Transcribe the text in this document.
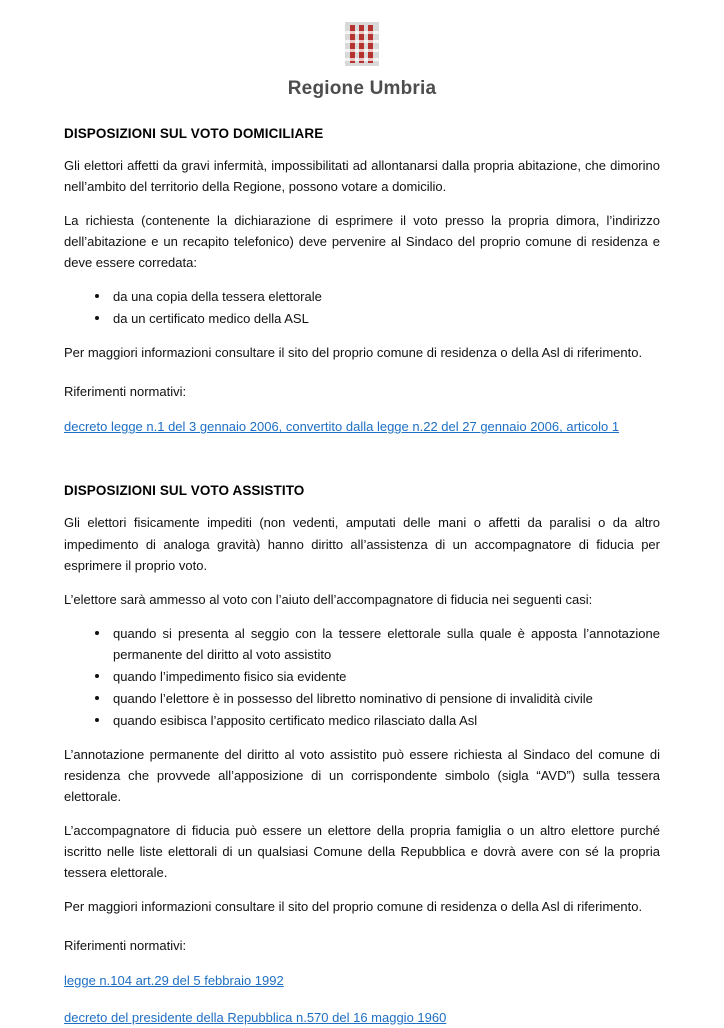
Regione Umbria
DISPOSIZIONI SUL VOTO DOMICILIARE

Gli elettori affetti da gravi infermità, impossibilitati ad allontanarsi dalla propria abitazione, che dimorino nell’ambito del territorio della Regione, possono votare a domicilio.

La richiesta (contenente la dichiarazione di esprimere il voto presso la propria dimora, l’indirizzo dell’abitazione e un recapito telefonico) deve pervenire al Sindaco del proprio comune di residenza e deve essere corredata:

da una copia della tessera elettorale
da un certificato medico della ASL

Per maggiori informazioni consultare il sito del proprio comune di residenza o della Asl di riferimento.

Riferimenti normativi:

decreto legge n.1 del 3 gennaio 2006, convertito dalla legge n.22 del 27 gennaio 2006, articolo 1
DISPOSIZIONI SUL VOTO ASSISTITO

Gli elettori fisicamente impediti (non vedenti, amputati delle mani o affetti da paralisi o da altro impedimento di analoga gravità) hanno diritto all’assistenza di un accompagnatore di fiducia per esprimere il proprio voto.

L’elettore sarà ammesso al voto con l’aiuto dell’accompagnatore di fiducia nei seguenti casi:

quando si presenta al seggio con la tessere elettorale sulla quale è apposta l’annotazione permanente del diritto al voto assistito
quando l’impedimento fisico sia evidente
quando l’elettore è in possesso del libretto nominativo di pensione di invalidità civile
quando esibisca l’apposito certificato medico rilasciato dalla Asl

L’annotazione permanente del diritto al voto assistito può essere richiesta al Sindaco del comune di residenza che provvede all’apposizione di un corrispondente simbolo (sigla “AVD”) sulla tessera elettorale.

L’accompagnatore di fiducia può essere un elettore della propria famiglia o un altro elettore purché iscritto nelle liste elettorali di un qualsiasi Comune della Repubblica e dovrà avere con sé la propria tessera elettorale.

Per maggiori informazioni consultare il sito del proprio comune di residenza o della Asl di riferimento.

Riferimenti normativi:

legge n.104 art.29 del 5 febbraio 1992
decreto del presidente della Repubblica n.570 del 16 maggio 1960
